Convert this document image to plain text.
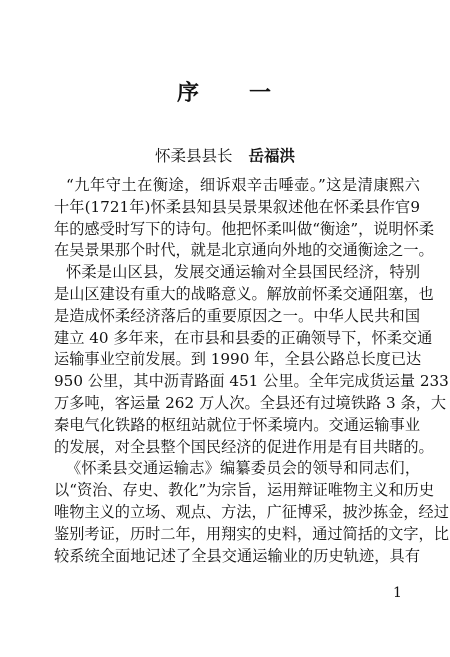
序 一
怀柔县县长 岳福洪
“九年守土在衡途，细诉艰辛击唾壶。”这是清康熙六
十年(1721年)怀柔县知县吴景果叙述他在怀柔县作官9
年的感受时写下的诗句。他把怀柔叫做“衡途”，说明怀柔
在吴景果那个时代，就是北京通向外地的交通衡途之一。
怀柔是山区县，发展交通运输对全县国民经济，特别
是山区建设有重大的战略意义。解放前怀柔交通阻塞，也
是造成怀柔经济落后的重要原因之一。中华人民共和国
建立 40 多年来，在市县和县委的正确领导下，怀柔交通
运输事业空前发展。到 1990 年，全县公路总长度已达
950 公里，其中沥青路面 451 公里。全年完成货运量 233
万多吨，客运量 262 万人次。全县还有过境铁路 3 条，大
秦电气化铁路的枢纽站就位于怀柔境内。交通运输事业
的发展，对全县整个国民经济的促进作用是有目共睹的。
《怀柔县交通运输志》编纂委员会的领导和同志们，
以“资治、存史、教化”为宗旨，运用辩证唯物主义和历史
唯物主义的立场、观点、方法，广征博采，披沙拣金，经过
鉴别考证，历时二年，用翔实的史料，通过简括的文字，比
较系统全面地记述了全县交通运输业的历史轨迹，具有
1
